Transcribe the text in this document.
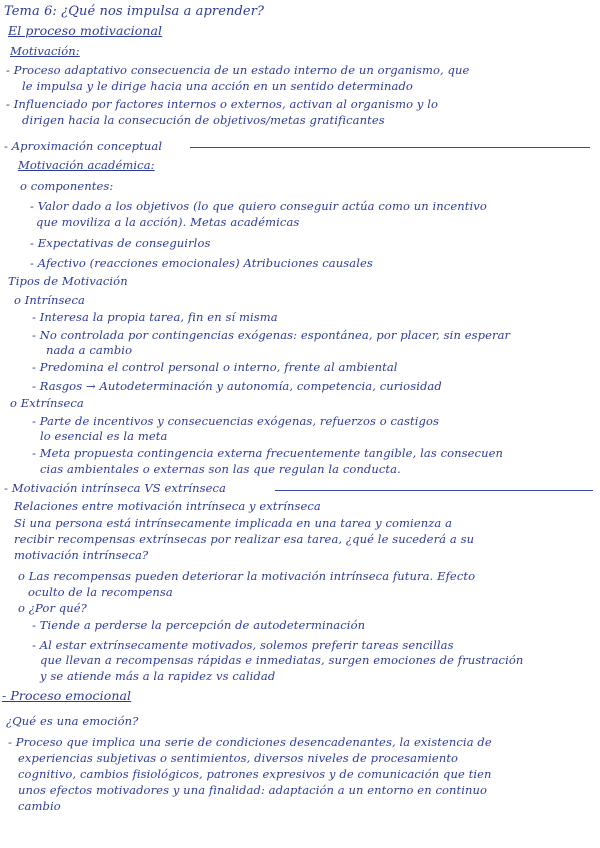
Tema 6: ¿Qué nos impulsa a aprender?
El proceso motivacional
Motivación:
- Proceso adaptativo consecuencia de un estado interno de un organismo, que
le impulsa y le dirige hacia una acción en un sentido determinado
- Influenciado por factores internos o externos, activan al organismo y lo
dirigen hacia la consecución de objetivos/metas gratificantes
- Aproximación conceptual
Motivación académica:
o componentes:
- Valor dado a los objetivos (lo que quiero conseguir actúa como un incentivo
que moviliza a la acción). Metas académicas
- Expectativas de conseguirlos
- Afectivo (reacciones emocionales) Atribuciones causales
Tipos de Motivación
o Intrínseca
- Interesa la propia tarea, fin en sí misma
- No controlada por contingencias exógenas: espontánea, por placer, sin esperar
nada a cambio
- Predomina el control personal o interno, frente al ambiental
- Rasgos → Autodeterminación y autonomía, competencia, curiosidad
o Extrínseca
- Parte de incentivos y consecuencias exógenas, refuerzos o castigos
lo esencial es la meta
- Meta propuesta contingencia externa frecuentemente tangible, las consecuen
cias ambientales o externas son las que regulan la conducta.
- Motivación intrínseca VS extrínseca
Relaciones entre motivación intrínseca y extrínseca
Si una persona está intrínsecamente implicada en una tarea y comienza a
recibir recompensas extrínsecas por realizar esa tarea, ¿qué le sucederá a su
motivación intrínseca?
o Las recompensas pueden deteriorar la motivación intrínseca futura. Efecto
oculto de la recompensa
o ¿Por qué?
- Tiende a perderse la percepción de autodeterminación
- Al estar extrínsecamente motivados, solemos preferir tareas sencillas
que llevan a recompensas rápidas e inmediatas, surgen emociones de frustración
y se atiende más a la rapidez vs calidad
- Proceso emocional
¿Qué es una emoción?
- Proceso que implica una serie de condiciones desencadenantes, la existencia de
experiencias subjetivas o sentimientos, diversos niveles de procesamiento
cognitivo, cambios fisiológicos, patrones expresivos y de comunicación que tien
unos efectos motivadores y una finalidad: adaptación a un entorno en continuo
cambio
